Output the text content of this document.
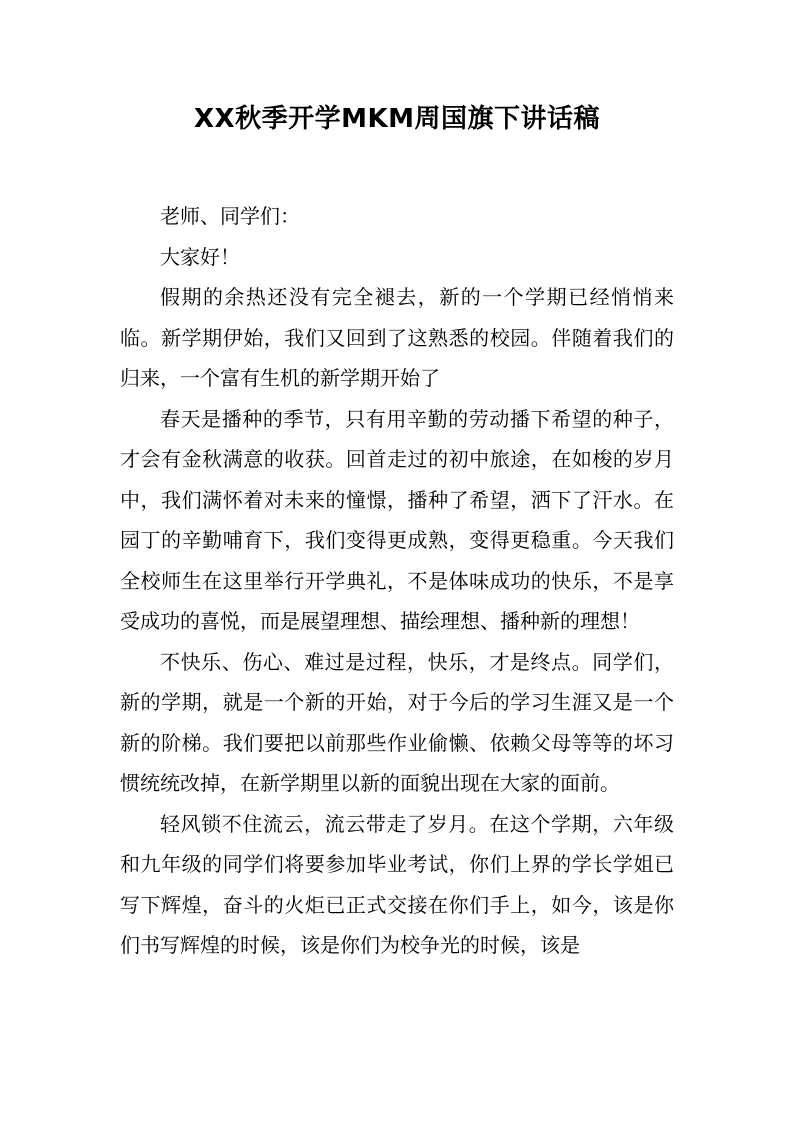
XX秋季开学MKM周国旗下讲话稿

老师、同学们：

大家好！

假期的余热还没有完全褪去，新的一个学期已经悄悄来临。新学期伊始，我们又回到了这熟悉的校园。伴随着我们的归来，一个富有生机的新学期开始了

春天是播种的季节，只有用辛勤的劳动播下希望的种子，才会有金秋满意的收获。回首走过的初中旅途，在如梭的岁月中，我们满怀着对未来的憧憬，播种了希望，洒下了汗水。在园丁的辛勤哺育下，我们变得更成熟，变得更稳重。今天我们全校师生在这里举行开学典礼，不是体味成功的快乐，不是享受成功的喜悦，而是展望理想、描绘理想、播种新的理想！

不快乐、伤心、难过是过程，快乐，才是终点。同学们，新的学期，就是一个新的开始，对于今后的学习生涯又是一个新的阶梯。我们要把以前那些作业偷懒、依赖父母等等的坏习惯统统改掉，在新学期里以新的面貌出现在大家的面前。

轻风锁不住流云，流云带走了岁月。在这个学期，六年级和九年级的同学们将要参加毕业考试，你们上界的学长学姐已写下辉煌，奋斗的火炬已正式交接在你们手上，如今，该是你们书写辉煌的时候，该是你们为校争光的时候，该是
